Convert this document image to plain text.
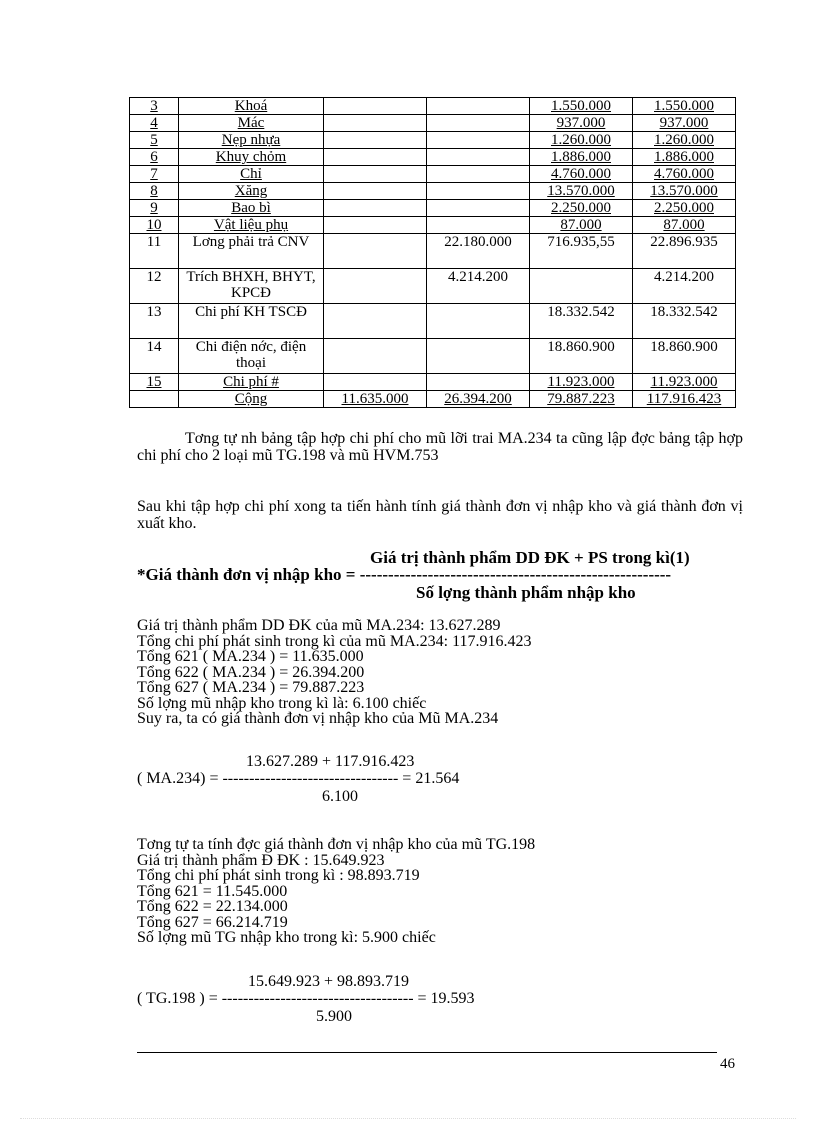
3	Khoá			1.550.000	1.550.000
4	Mác			937.000	937.000
5	Nẹp nhựa			1.260.000	1.260.000
6	Khuy chỏm			1.886.000	1.886.000
7	Chỉ			4.760.000	4.760.000
8	Xăng			13.570.000	13.570.000
9	Bao bì			2.250.000	2.250.000
10	Vật liệu phụ			87.000	87.000
11	Lơng phải trả CNV		22.180.000	716.935,55	22.896.935
12	Trích BHXH, BHYT, KPCĐ		4.214.200		4.214.200
13	Chi phí KH TSCĐ			18.332.542	18.332.542
14	Chi điện nớc, điện thoại			18.860.900	18.860.900
15	Chi phí #			11.923.000	11.923.000
	Cộng	11.635.000	26.394.200	79.887.223	117.916.423
Tơng tự nh bảng tập hợp chi phí cho mũ lỡi trai MA.234 ta cũng lập đợc bảng tập hợp chi phí cho 2 loại mũ TG.198 và mũ HVM.753
Sau khi tập hợp chi phí xong ta tiến hành tính giá thành đơn vị nhập kho và giá thành đơn vị xuất kho.
Giá trị thành phẩm DD ĐK + PS trong kì(1)
*Giá thành đơn vị nhập kho = -------------------------------------------------------
Số lợng thành phẩm nhập kho
Giá trị thành phẩm DD ĐK của mũ MA.234: 13.627.289
Tổng chi phí phát sinh trong kì của mũ MA.234: 117.916.423
Tổng 621 ( MA.234 ) = 11.635.000
Tổng 622 ( MA.234 ) = 26.394.200
Tổng 627 ( MA.234 ) = 79.887.223
Số lợng mũ nhập kho trong kì là: 6.100 chiếc
Suy ra, ta có giá thành đơn vị nhập kho của Mũ MA.234
13.627.289 + 117.916.423
( MA.234) = --------------------------------- = 21.564
6.100
Tơng tự ta tính đợc giá thành đơn vị nhập kho của mũ TG.198
Giá trị thành phẩm Đ ĐK : 15.649.923
Tổng chi phí phát sinh trong kì : 98.893.719
Tổng 621 = 11.545.000
Tổng 622 = 22.134.000
Tổng 627 = 66.214.719
Số lợng mũ TG nhập kho trong kì: 5.900 chiếc
15.649.923 + 98.893.719
( TG.198 ) = ------------------------------------ = 19.593
5.900
46
